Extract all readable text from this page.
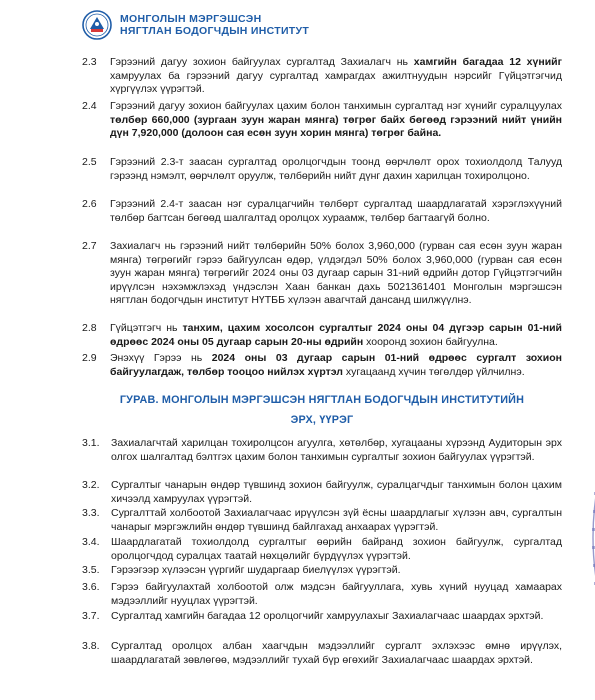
МОНГОЛЫН МЭРГЭШСЭН
НЯГТЛАН БОДОГЧДЫН ИНСТИТУТ
2.3 Гэрээний дагуу зохион байгуулах сургалтад Захиалагч нь хамгийн багадаа 12 хүнийг хамруулах ба гэрээний дагуу сургалтад хамрагдах ажилтнуудын нэрсийг Гүйцэтгэгчид хүргүүлэх үүрэгтэй.
2.4 Гэрээний дагуу зохион байгуулах цахим болон танхимын сургалтад нэг хүнийг суралцуулах төлбөр 660,000 (зургаан зуун жаран мянга) төгрөг байх бөгөөд гэрээний нийт үнийн дүн 7,920,000 (долоон сая есөн зуун хорин мянга) төгрөг байна.
2.5 Гэрээний 2.3-т заасан сургалтад оролцогчдын тоонд өөрчлөлт орох тохиолдолд Талууд гэрээнд нэмэлт, өөрчлөлт оруулж, төлбөрийн нийт дүнг дахин харилцан тохиролцоно.
2.6 Гэрээний 2.4-т заасан нэг суралцагчийн төлбөрт сургалтад шаардлагатай хэрэглэхүүний төлбөр багтсан бөгөөд шалгалтад оролцох хураамж, төлбөр багтаагүй болно.
2.7 Захиалагч нь гэрээний нийт төлбөрийн 50% болох 3,960,000 (гурван сая есөн зуун жаран мянга) төгрөгийг гэрээ байгуулсан өдөр, үлдэгдэл 50% болох 3,960,000 (гурван сая есөн зуун жаран мянга) төгрөгийг 2024 оны 03 дугаар сарын 31-ний өдрийн дотор Гүйцэтгэгчийн ирүүлсэн нэхэмжлэхэд үндэслэн Хаан банкан дахь 5021361401 Монголын мэргэшсэн нягтлан бодогчдын институт НҮТББ хүлээн авагчтай дансанд шилжүүлнэ.
2.8 Гүйцэтгэгч нь танхим, цахим хосолсон сургалтыг 2024 оны 04 дүгээр сарын 01-ний өдрөөс 2024 оны 05 дугаар сарын 20-ны өдрийн хооронд зохион байгуулна.
2.9 Энэхүү Гэрээ нь 2024 оны 03 дугаар сарын 01-ний өдрөөс сургалт зохион байгуулагдаж, төлбөр тооцоо нийлэх хүртэл хугацаанд хүчин төгөлдөр үйлчилнэ.
ГУРАВ. МОНГОЛЫН МЭРГЭШСЭН НЯГТЛАН БОДОГЧДЫН ИНСТИТУТИЙН
ЭРХ, ҮҮРЭГ
3.1. Захиалагчтай харилцан тохиролцсон агуулга, хөтөлбөр, хугацааны хүрээнд Аудиторын эрх олгох шалгалтад бэлтгэх цахим болон танхимын сургалтыг зохион байгуулах үүрэгтэй.
3.2. Сургалтыг чанарын өндөр түвшинд зохион байгуулж, суралцагчдыг танхимын болон цахим хичээлд хамруулах үүрэгтэй.
3.3. Сургалттай холбоотой Захиалагчаас ирүүлсэн зүй ёсны шаардлагыг хүлээн авч, сургалтын чанарыг мэргэжлийн өндөр түвшинд байлгахад анхаарах үүрэгтэй.
3.4. Шаардлагатай тохиолдолд сургалтыг өөрийн байранд зохион байгуулж, сургалтад оролцогчдод суралцах таатай нөхцөлийг бүрдүүлэх үүрэгтэй.
3.5. Гэрээгээр хүлээсэн үүргийг шударгаар биелүүлэх үүрэгтэй.
3.6. Гэрээ байгуулахтай холбоотой олж мэдсэн байгууллага, хувь хүний нууцад хамаарах мэдээллийг нууцлах үүрэгтэй.
3.7. Сургалтад хамгийн багадаа 12 оролцогчийг хамруулахыг Захиалагчаас шаардах эрхтэй.
3.8. Сургалтад оролцох албан хаагчдын мэдээллийг сургалт эхлэхээс өмнө ирүүлэх, шаардлагатай зөвлөгөө, мэдээллийг тухай бүр өгөхийг Захиалагчаас шаардах эрхтэй.
